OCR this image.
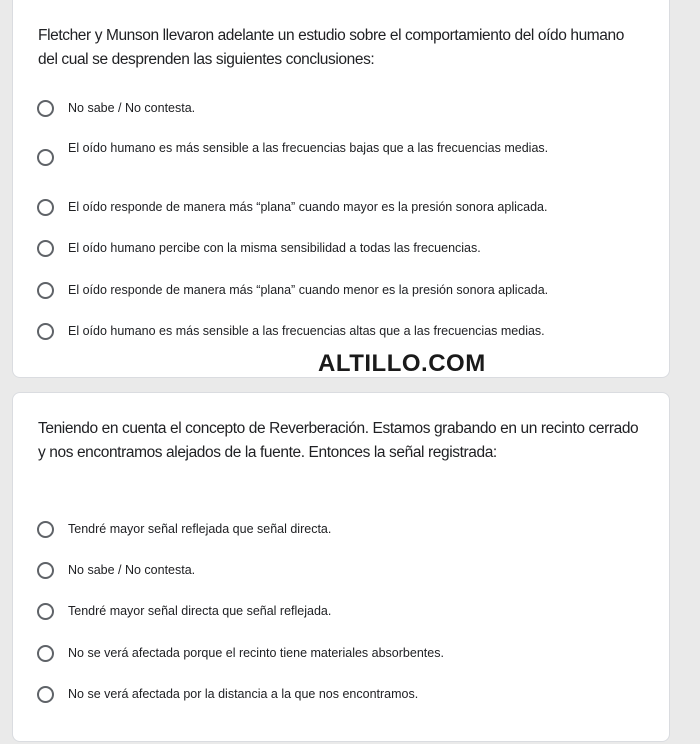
Fletcher y Munson llevaron adelante un estudio sobre el comportamiento del oído humano del cual se desprenden las siguientes conclusiones:

No sabe / No contesta.
El oído humano es más sensible a las frecuencias bajas que a las frecuencias medias.
El oído responde de manera más “plana” cuando mayor es la presión sonora aplicada.
El oído humano percibe con la misma sensibilidad a todas las frecuencias.
El oído responde de manera más “plana” cuando menor es la presión sonora aplicada.
El oído humano es más sensible a las frecuencias altas que a las frecuencias medias.
ALTILLO.COM

Teniendo en cuenta el concepto de Reverberación. Estamos grabando en un recinto cerrado y nos encontramos alejados de la fuente. Entonces la señal registrada:

Tendré mayor señal reflejada que señal directa.
No sabe / No contesta.
Tendré mayor señal directa que señal reflejada.
No se verá afectada porque el recinto tiene materiales absorbentes.
No se verá afectada por la distancia a la que nos encontramos.
